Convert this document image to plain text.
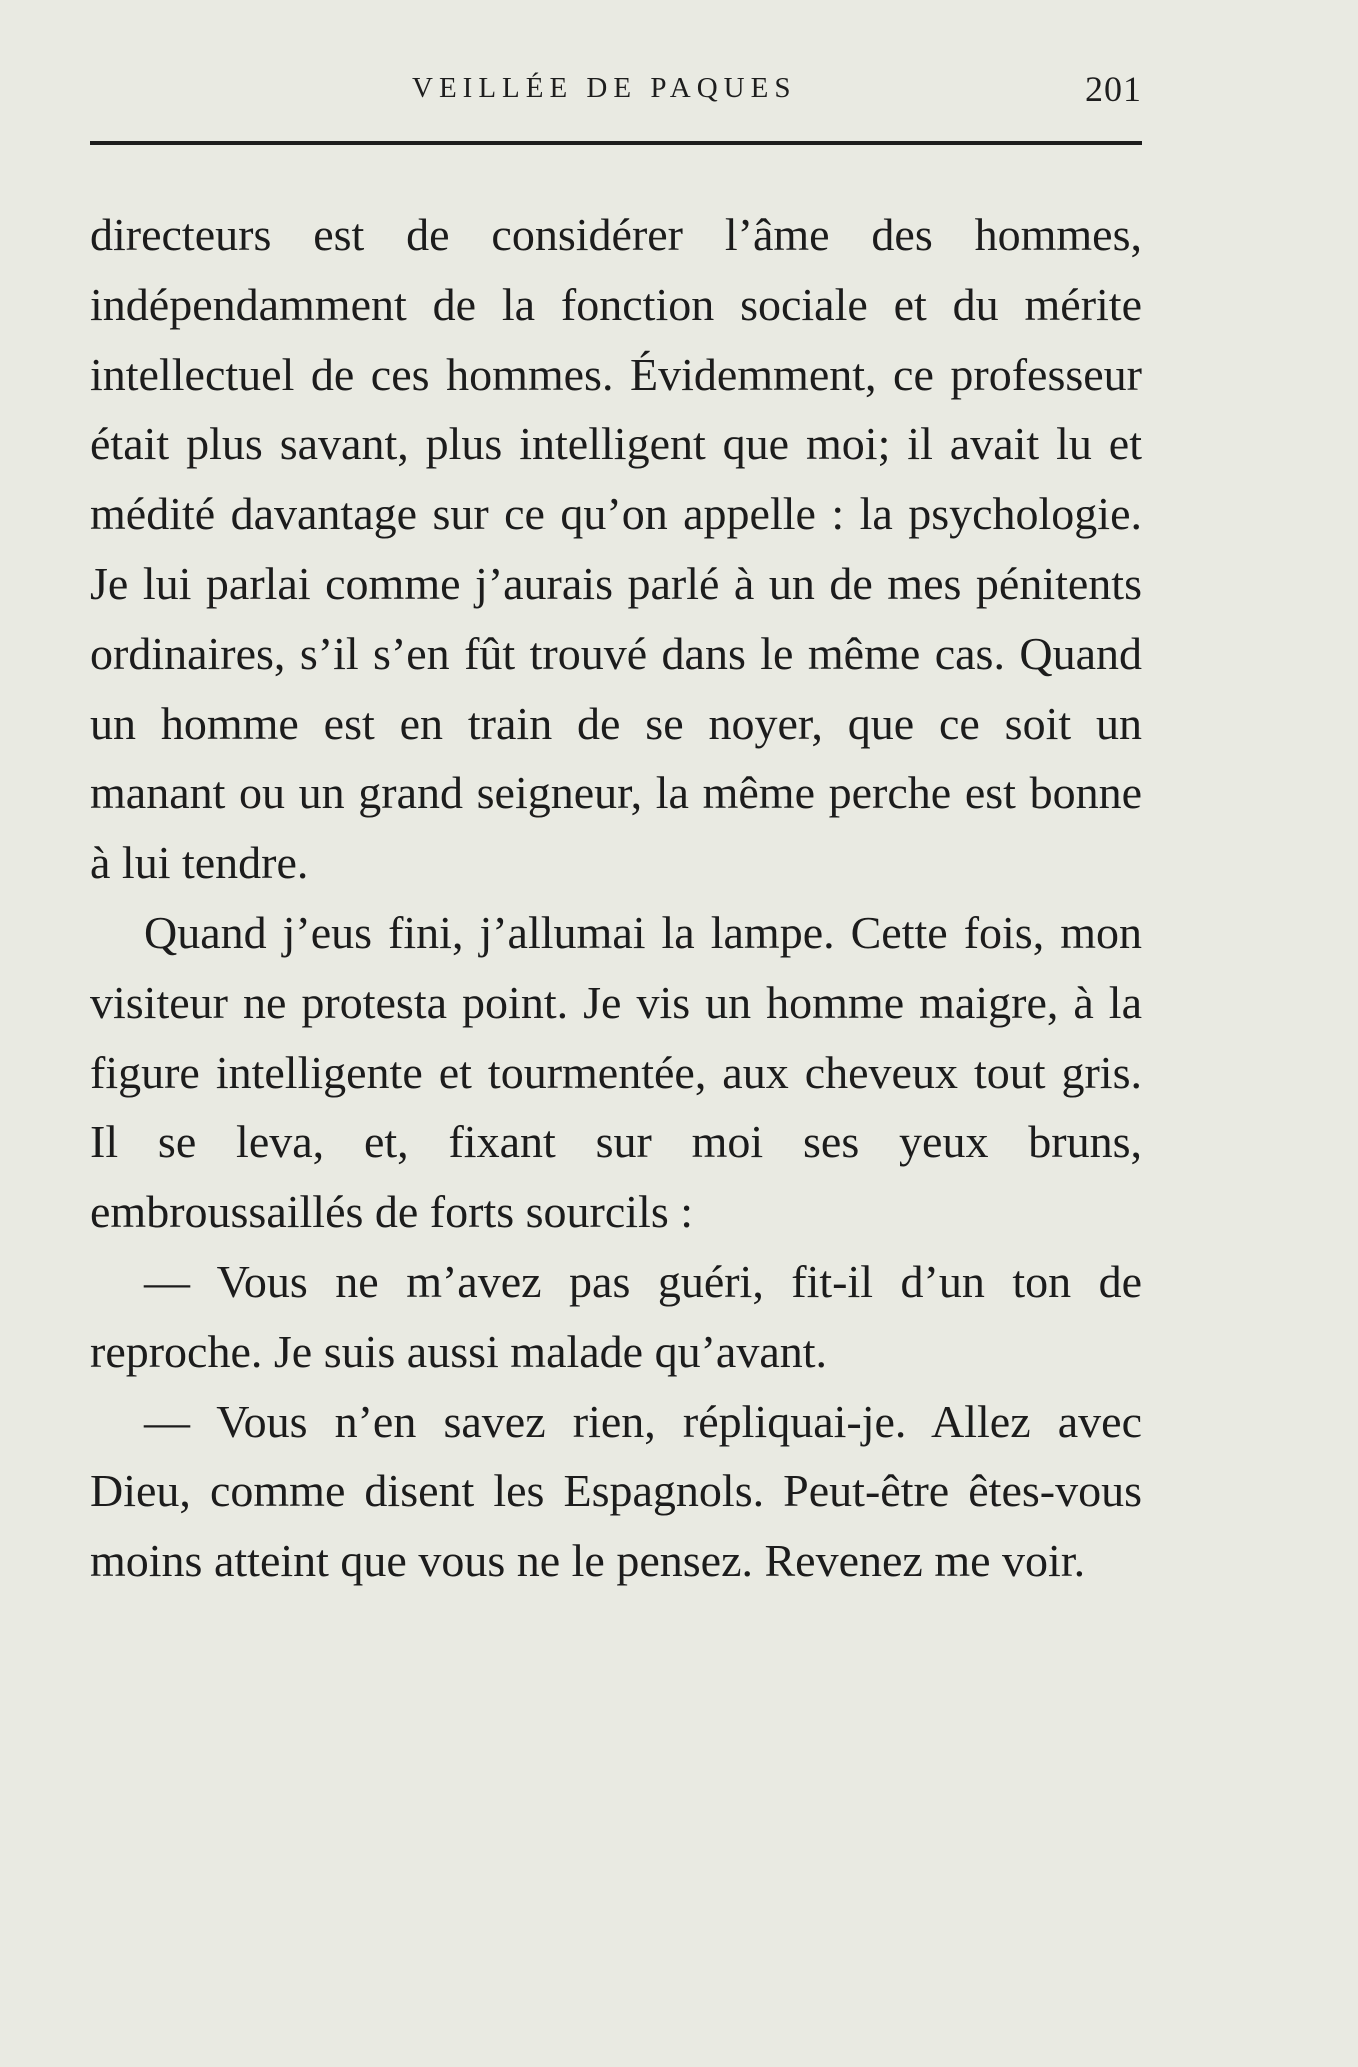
VEILLÉE DE PAQUES	201

directeurs est de considérer l’âme des hommes, indépendamment de la fonction sociale et du mérite intellectuel de ces hommes. Évidemment, ce professeur était plus savant, plus intelligent que moi; il avait lu et médité davantage sur ce qu’on appelle : la psychologie. Je lui parlai comme j’aurais parlé à un de mes pénitents ordinaires, s’il s’en fût trouvé dans le même cas. Quand un homme est en train de se noyer, que ce soit un manant ou un grand seigneur, la même perche est bonne à lui tendre.

Quand j’eus fini, j’allumai la lampe. Cette fois, mon visiteur ne protesta point. Je vis un homme maigre, à la figure intelligente et tourmentée, aux cheveux tout gris. Il se leva, et, fixant sur moi ses yeux bruns, embroussaillés de forts sourcils :

— Vous ne m’avez pas guéri, fit-il d’un ton de reproche. Je suis aussi malade qu’avant.

— Vous n’en savez rien, répliquai-je. Allez avec Dieu, comme disent les Espagnols. Peut-être êtes-vous moins atteint que vous ne le pensez. Revenez me voir.
